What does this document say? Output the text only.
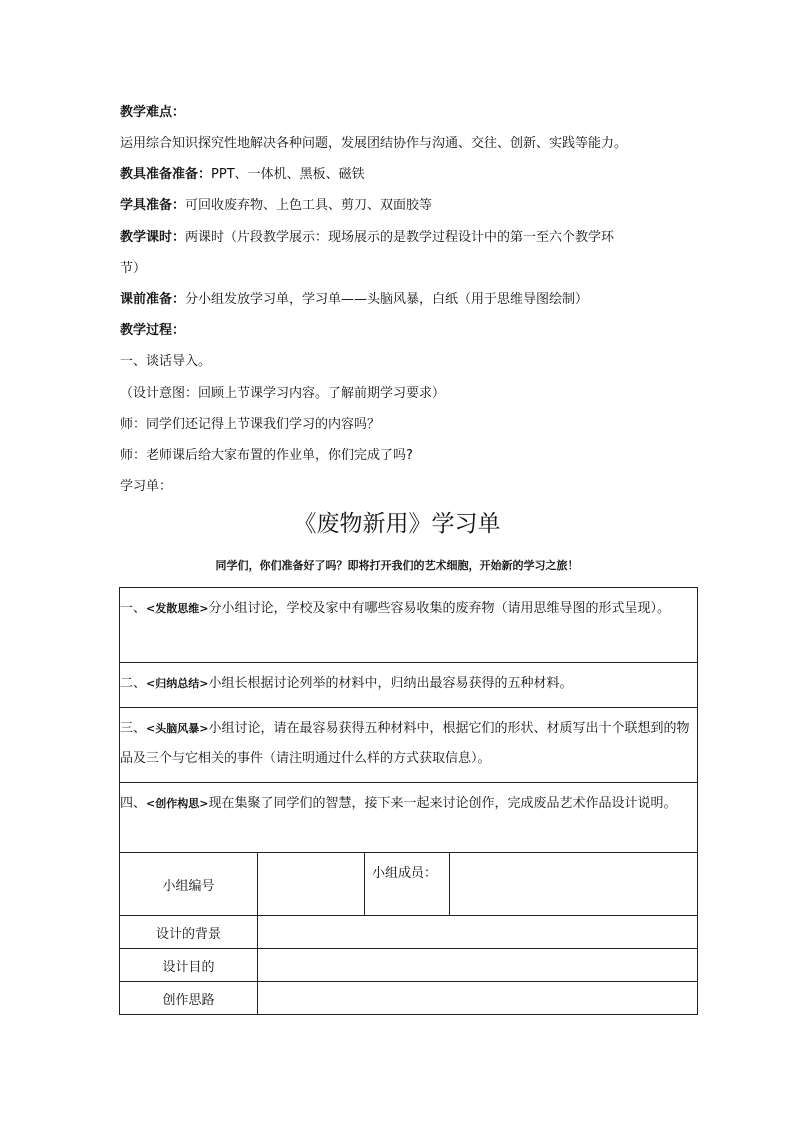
教学难点：
运用综合知识探究性地解决各种问题，发展团结协作与沟通、交往、创新、实践等能力。
教具准备准备：PPT、一体机、黑板、磁铁
学具准备：可回收废弃物、上色工具、剪刀、双面胶等
教学课时：两课时（片段教学展示：现场展示的是教学过程设计中的第一至六个教学环
节）
课前准备：分小组发放学习单，学习单——头脑风暴，白纸（用于思维导图绘制）
教学过程：
一、谈话导入。
（设计意图：回顾上节课学习内容。了解前期学习要求）
师：同学们还记得上节课我们学习的内容吗？
师：老师课后给大家布置的作业单，你们完成了吗?
学习单：
《废物新用》学习单
同学们，你们准备好了吗？即将打开我们的艺术细胞，开始新的学习之旅！
一、<发散思维>分小组讨论，学校及家中有哪些容易收集的废弃物（请用思维导图的形式呈现）。			
二、<归纳总结>小组长根据讨论列举的材料中，归纳出最容易获得的五种材料。			
三、<头脑风暴>小组讨论，请在最容易获得五种材料中，根据它们的形状、材质写出十个联想到的物品及三个与它相关的事件（请注明通过什么样的方式获取信息）。			
四、<创作构思>现在集聚了同学们的智慧，接下来一起来讨论创作，完成废品艺术作品设计说明。			
小组编号		小组成员：	
设计的背景			
设计目的			
创作思路			
